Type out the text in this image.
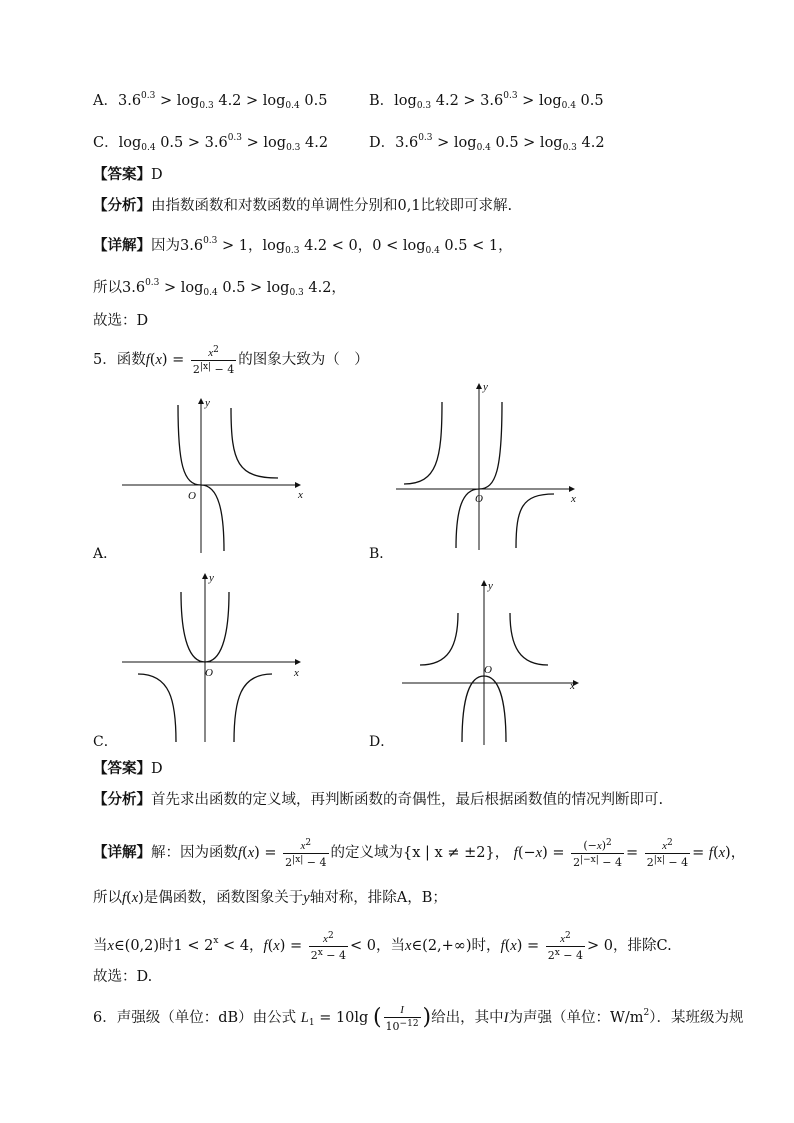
A．$3.6^{0.3} > \log_{0.3} 4.2 > \log_{0.4} 0.5$	B．$\log_{0.3} 4.2 > 3.6^{0.3} > \log_{0.4} 0.5$
C．$\log_{0.4} 0.5 > 3.6^{0.3} > \log_{0.3} 4.2$	D．$3.6^{0.3} > \log_{0.4} 0.5 > \log_{0.3} 4.2$
【答案】D
【分析】由指数函数和对数函数的单调性分别和0,1比较即可求解.
【详解】因为$3.6^{0.3} > 1$，$\log_{0.3} 4.2 < 0$，$0 < \log_{0.4} 0.5 < 1$，
所以$3.6^{0.3} > \log_{0.4} 0.5 > \log_{0.3} 4.2$，
故选：D
5．函数$f(x) = \frac{x^2}{2^{|x|} - 4}$ 的图象大致为（　）
x
y
O
A．
x
y
O
B．
x
y
O
C．
x
y
O
D．
【答案】D
【分析】首先求出函数的定义域，再判断函数的奇偶性，最后根据函数值的情况判断即可.
【详解】解：因为函数$f(x) = \frac{x^2}{2^{|x|} - 4}$ 的定义域为{x | x ≠ ±2}， $f(-x) = \frac{(-x)^2}{2^{|-x|} - 4} = \frac{x^2}{2^{|x|} - 4} = f(x)$，
所以f(x)是偶函数，函数图象关于y轴对称，排除A，B；
当x∈(0,2)时$1 < 2^x < 4$，$f(x) = \frac{x^2}{2^x - 4} < 0$，当x∈(2,+∞)时，$f(x) = \frac{x^2}{2^x - 4} > 0$，排除C.
故选：D.
6．声强级（单位：dB）由公式 $L_1 = 10\lg$ ( $\frac{I}{10^{-12}}$ )给出，其中I为声强（单位：$W/m^2$）．某班级为规
